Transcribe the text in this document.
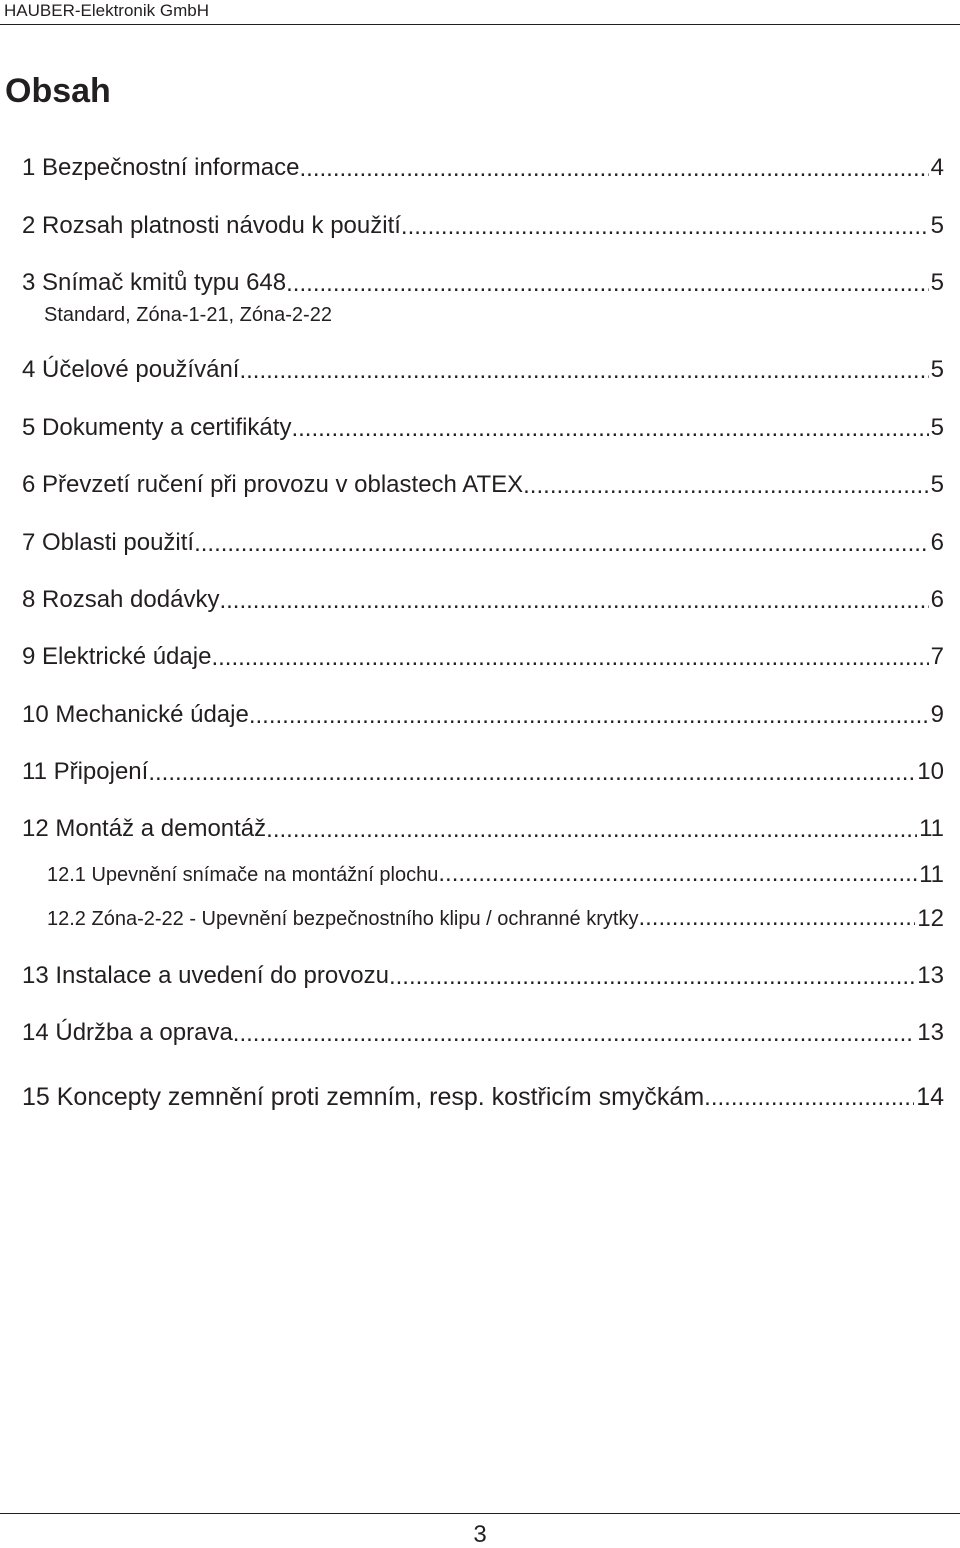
HAUBER-Elektronik GmbH
Obsah
1 Bezpečnostní informace .....	4
2 Rozsah platnosti návodu k použití .....	5
3 Snímač kmitů typu 648 .....	5
Standard, Zóna-1-21, Zóna-2-22
4 Účelové používání .....	5
5 Dokumenty a certifikáty .....	5
6 Převzetí ručení při provozu v oblastech ATEX .....	5
7 Oblasti použití .....	6
8 Rozsah dodávky .....	6
9 Elektrické údaje .....	7
10 Mechanické údaje .....	9
11 Připojení .....	10
12 Montáž a demontáž .....	11
12.1 Upevnění snímače na montážní plochu .....	11
12.2 Zóna-2-22 - Upevnění bezpečnostního klipu / ochranné krytky .....	12
13 Instalace a uvedení do provozu .....	13
14 Údržba a oprava .....	13
15 Koncepty zemnění proti zemním, resp. kostřicím smyčkám .....	14
3
